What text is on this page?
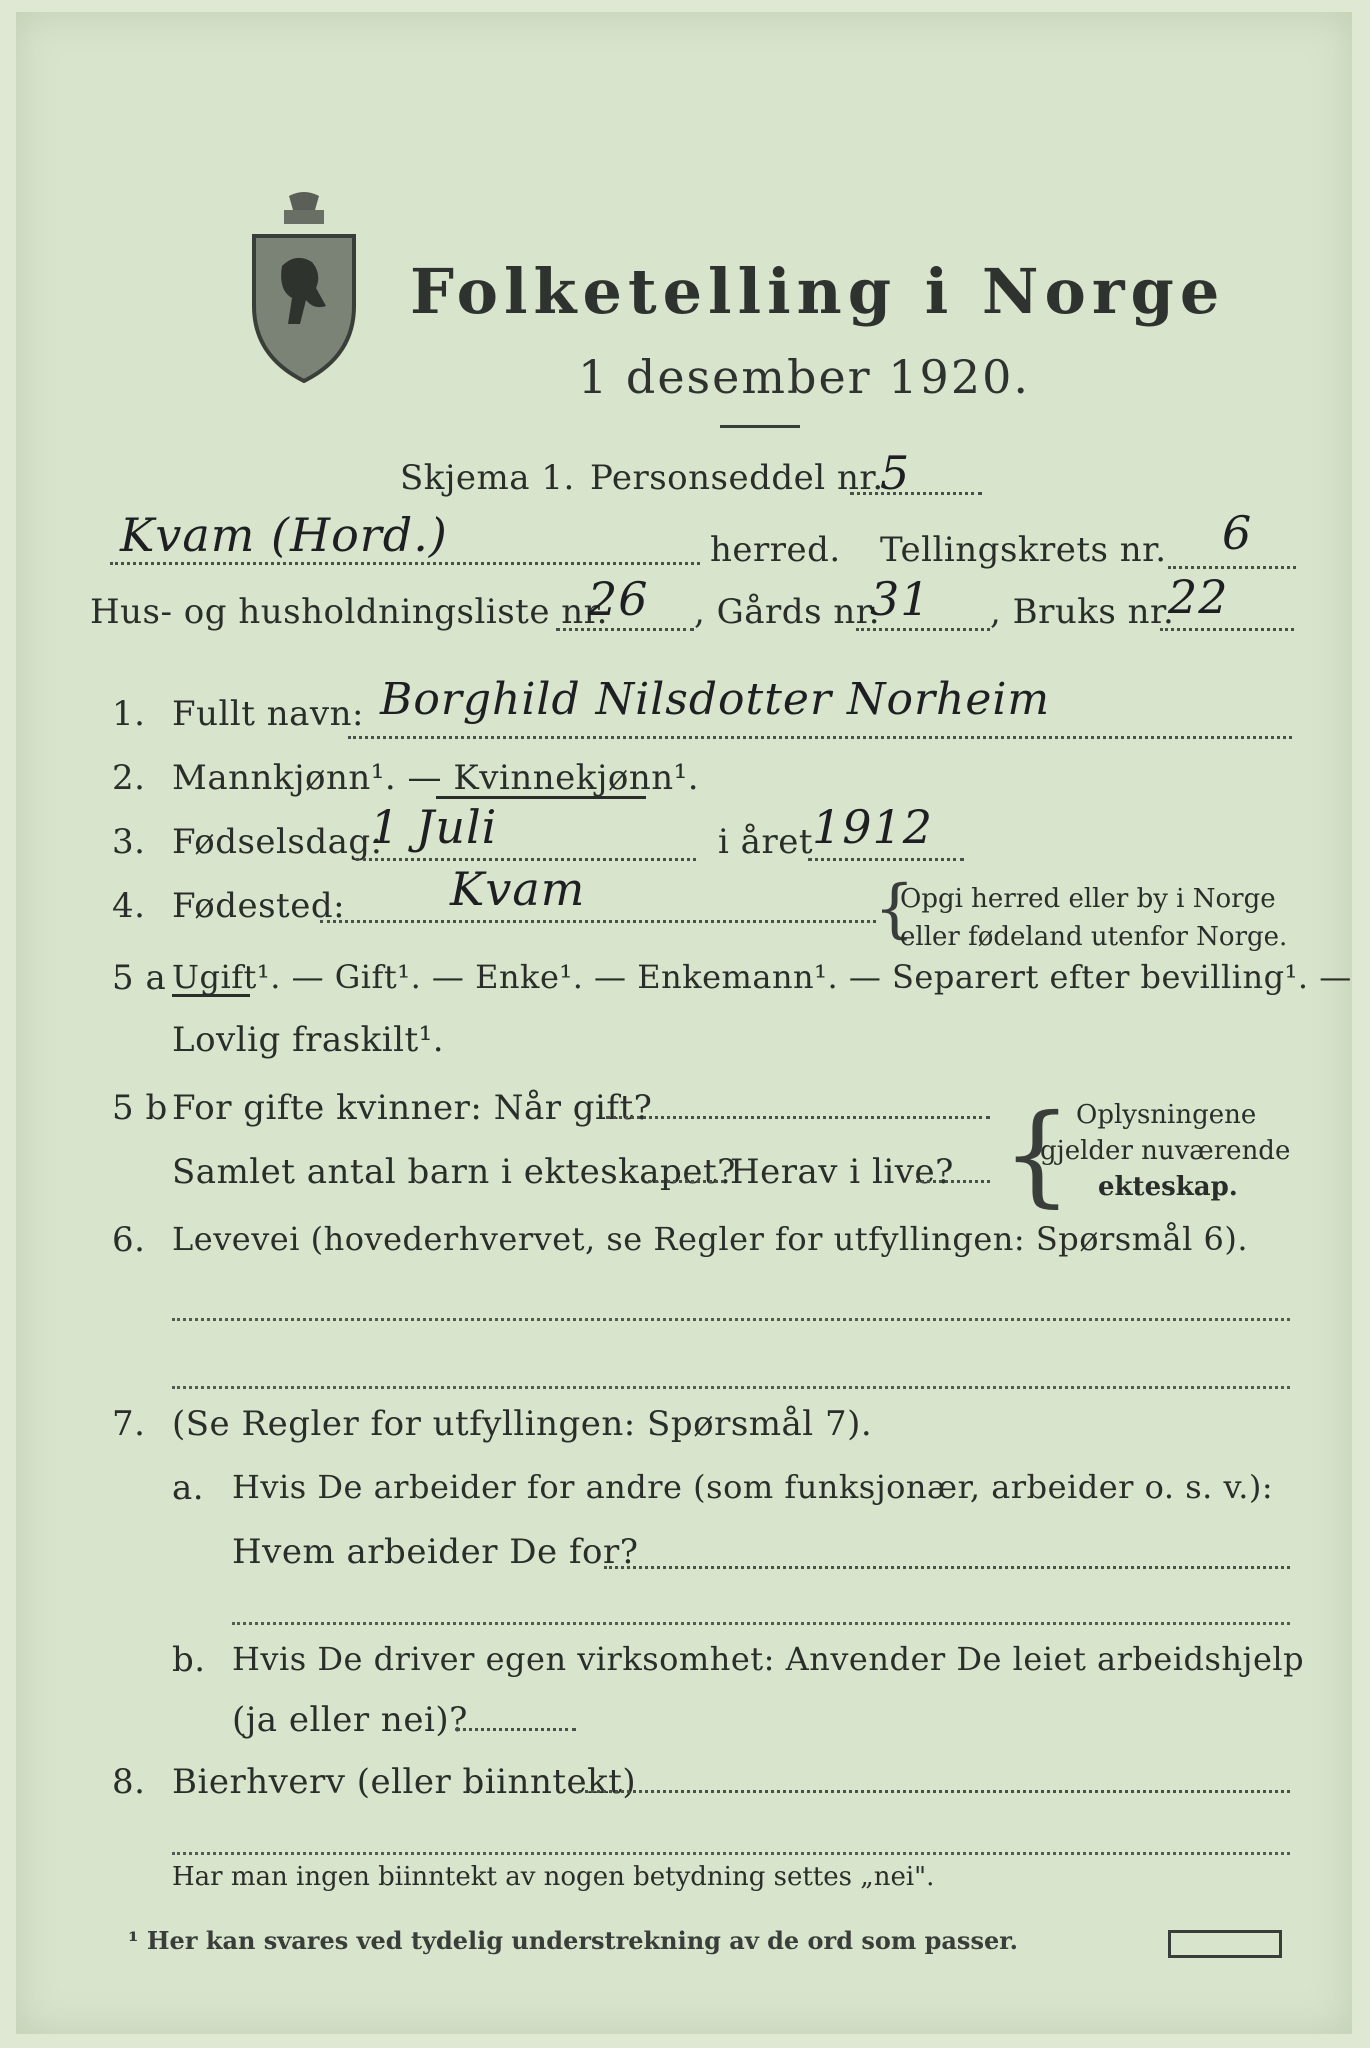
Folketelling i Norge
1 desember 1920.
Skjema 1. Personseddel nr.
5
Kvam (Hord.)	herred. Tellingskrets nr. 6
Hus- og husholdningsliste nr.
26 , Gårds nr.
31 , Bruks nr.
22
1. Fullt navn: Borghild Nilsdotter Norheim
2. Mannkjønn¹. — Kvinnekjønn¹.
3. Fødselsdag:
1 Juli	i året 1912
4. Fødested: Kvam	{
Opgi herred eller by i Norge
eller fødeland utenfor Norge.
5 a Ugift¹. — Gift¹. — Enke¹. — Enkemann¹. — Separert efter bevilling¹. —
Lovlig fraskilt¹.
5 b For gifte kvinner: Når gift?
Samlet antal barn i ekteskapet?
Herav i live? { Oplysningene
gjelder nuværende
ekteskap.
6. Levevei (hovederhvervet, se Regler for utfyllingen: Spørsmål 6).
7. (Se Regler for utfyllingen: Spørsmål 7).
a. Hvis De arbeider for andre (som funksjonær, arbeider o. s. v.):
Hvem arbeider De for?
b. Hvis De driver egen virksomhet: Anvender De leiet arbeidshjelp
(ja eller nei)?
8. Bierhverv (eller biinntekt)
Har man ingen biinntekt av nogen betydning settes „nei".
¹ Her kan svares ved tydelig understrekning av de ord som passer.
